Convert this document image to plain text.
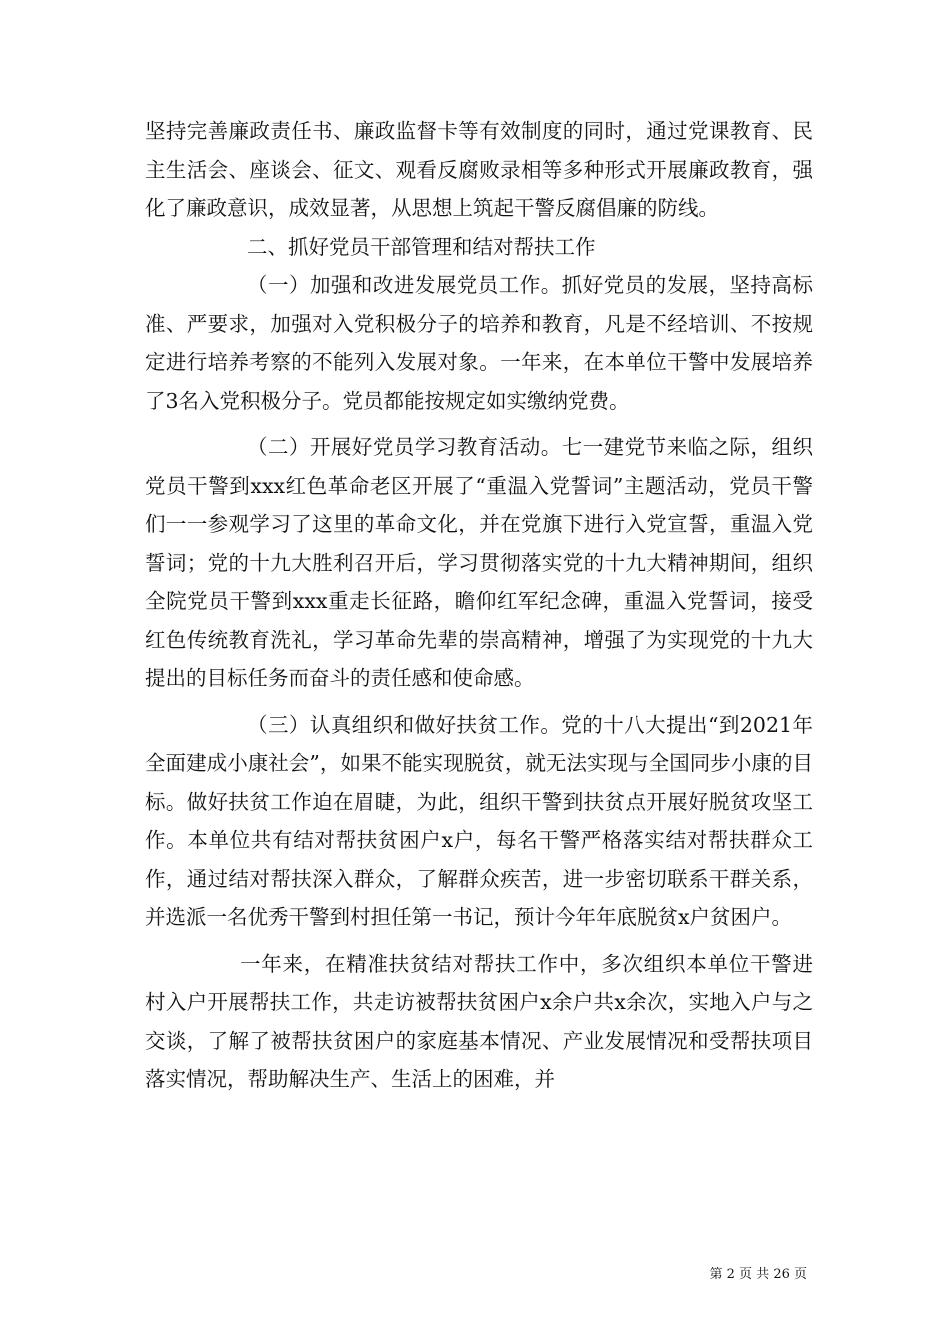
坚持完善廉政责任书、廉政监督卡等有效制度的同时，通过党课教育、民主生活会、座谈会、征文、观看反腐败录相等多种形式开展廉政教育，强化了廉政意识，成效显著，从思想上筑起干警反腐倡廉的防线。

二、抓好党员干部管理和结对帮扶工作

（一）加强和改进发展党员工作。抓好党员的发展，坚持高标准、严要求，加强对入党积极分子的培养和教育，凡是不经培训、不按规定进行培养考察的不能列入发展对象。一年来，在本单位干警中发展培养了3名入党积极分子。党员都能按规定如实缴纳党费。

（二）开展好党员学习教育活动。七一建党节来临之际，组织党员干警到xxx红色革命老区开展了“重温入党誓词”主题活动，党员干警们一一参观学习了这里的革命文化，并在党旗下进行入党宣誓，重温入党誓词；党的十九大胜利召开后，学习贯彻落实党的十九大精神期间，组织全院党员干警到xxx重走长征路，瞻仰红军纪念碑，重温入党誓词，接受红色传统教育洗礼，学习革命先辈的崇高精神，增强了为实现党的十九大提出的目标任务而奋斗的责任感和使命感。

（三）认真组织和做好扶贫工作。党的十八大提出“到2021年全面建成小康社会”，如果不能实现脱贫，就无法实现与全国同步小康的目标。做好扶贫工作迫在眉睫，为此，组织干警到扶贫点开展好脱贫攻坚工作。本单位共有结对帮扶贫困户x户，每名干警严格落实结对帮扶群众工作，通过结对帮扶深入群众，了解群众疾苦，进一步密切联系干群关系，并选派一名优秀干警到村担任第一书记，预计今年年底脱贫x户贫困户。

一年来，在精准扶贫结对帮扶工作中，多次组织本单位干警进村入户开展帮扶工作，共走访被帮扶贫困户x余户共x余次，实地入户与之交谈，了解了被帮扶贫困户的家庭基本情况、产业发展情况和受帮扶项目落实情况，帮助解决生产、生活上的困难，并

第 2 页 共 26 页
